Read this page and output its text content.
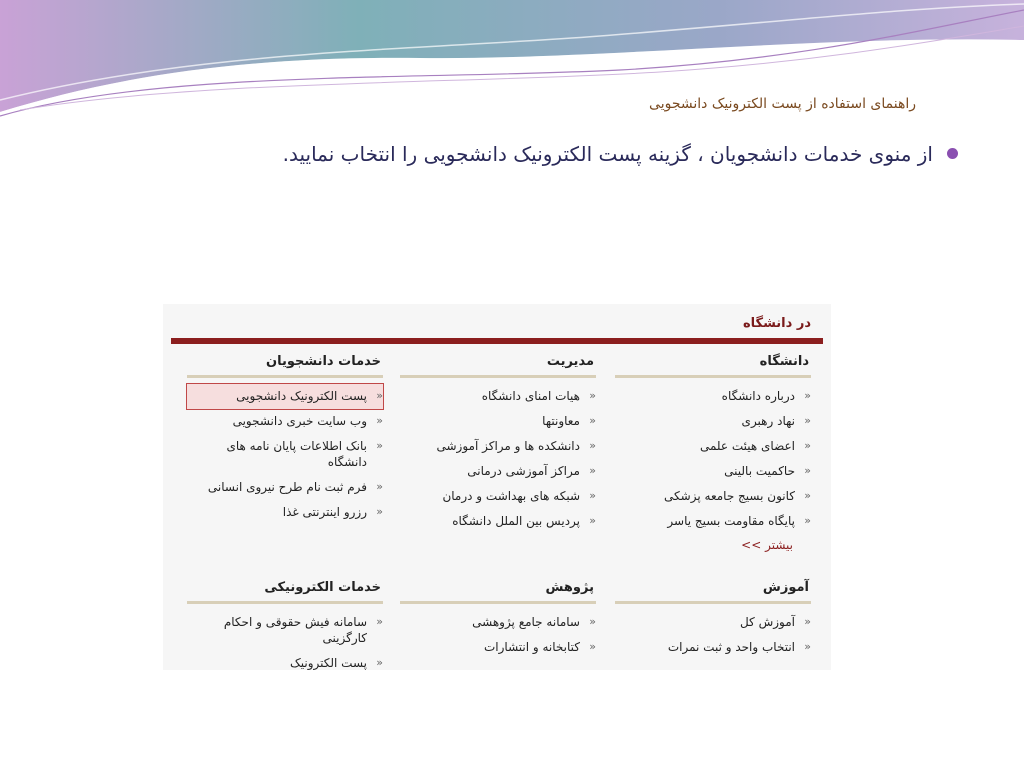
راهنمای استفاده از پست الکترونیک دانشجویی
از منوی خدمات دانشجویان ، گزینه پست الکترونیک دانشجویی را انتخاب نمایید.
در دانشگاه
دانشگاه
«
درباره دانشگاه
«
نهاد رهبری
«
اعضای هیئت علمی
«
حاکمیت بالینی
«
کانون بسیج جامعه پزشکی
«
پایگاه مقاومت بسیج یاسر
بیشتر >>
آموزش
«
آموزش کل
«
انتخاب واحد و ثبت نمرات
مدیریت
«
هیات امنای دانشگاه
«
معاونتها
«
دانشکده ها و مراکز آموزشی
«
مراکز آموزشی درمانی
«
شبکه های بهداشت و درمان
«
پردیس بین الملل دانشگاه
پژوهش
«
سامانه جامع پژوهشی
«
کتابخانه و انتشارات
خدمات دانشجویان
«
پست الکترونیک دانشجویی
«
وب سایت خبری دانشجویی
«
بانک اطلاعات پایان نامه های دانشگاه
«
فرم ثبت نام طرح نیروی انسانی
«
رزرو اینترنتی غذا
خدمات الکترونیکی
«
سامانه فیش حقوقی و احکام کارگزینی
«
پست الکترونیک
